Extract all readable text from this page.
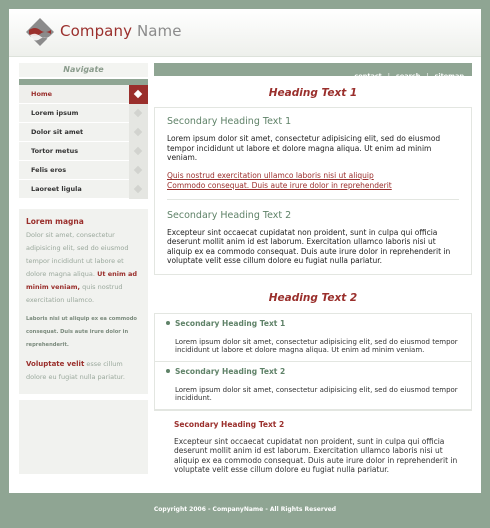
Company Name
contact | search | sitemap
Navigate
Home
Lorem ipsum
Dolor sit amet
Tortor metus
Felis eros
Laoreet ligula
Lorem magna

Dolor sit amet, consectetur adipisicing elit, sed do eiusmod tempor incididunt ut labore et dolore magna aliqua. Ut enim ad minim veniam, quis nostrud exercitation ullamco.

Laboris nisi ut aliquip ex ea commodo consequat. Duis aute irure dolor in reprehenderit.

Voluptate velit esse cillum dolore eu fugiat nulla pariatur.

Heading Text 1
Secondary Heading Text 1

Lorem ipsum dolor sit amet, consectetur adipisicing elit, sed do eiusmod tempor incididunt ut labore et dolore magna aliqua. Ut enim ad minim veniam.

Quis nostrud exercitation ullamco laboris nisi ut aliquip
Commodo consequat. Duis aute irure dolor in reprehenderit
Secondary Heading Text 2

Excepteur sint occaecat cupidatat non proident, sunt in culpa qui officia deserunt mollit anim id est laborum. Exercitation ullamco laboris nisi ut aliquip ex ea commodo consequat. Duis aute irure dolor in reprehenderit in voluptate velit esse cillum dolore eu fugiat nulla pariatur.

Heading Text 2
Secondary Heading Text 1

Lorem ipsum dolor sit amet, consectetur adipisicing elit, sed do eiusmod tempor incididunt ut labore et dolore magna aliqua. Ut enim ad minim veniam.

Secondary Heading Text 2

Lorem ipsum dolor sit amet, consectetur adipisicing elit, sed do eiusmod tempor incididunt.

Secondary Heading Text 2

Excepteur sint occaecat cupidatat non proident, sunt in culpa qui officia deserunt mollit anim id est laborum. Exercitation ullamco laboris nisi ut aliquip ex ea commodo consequat. Duis aute irure dolor in reprehenderit in voluptate velit esse cillum dolore eu fugiat nulla pariatur.

Copyright 2006 - CompanyName - All Rights Reserved
